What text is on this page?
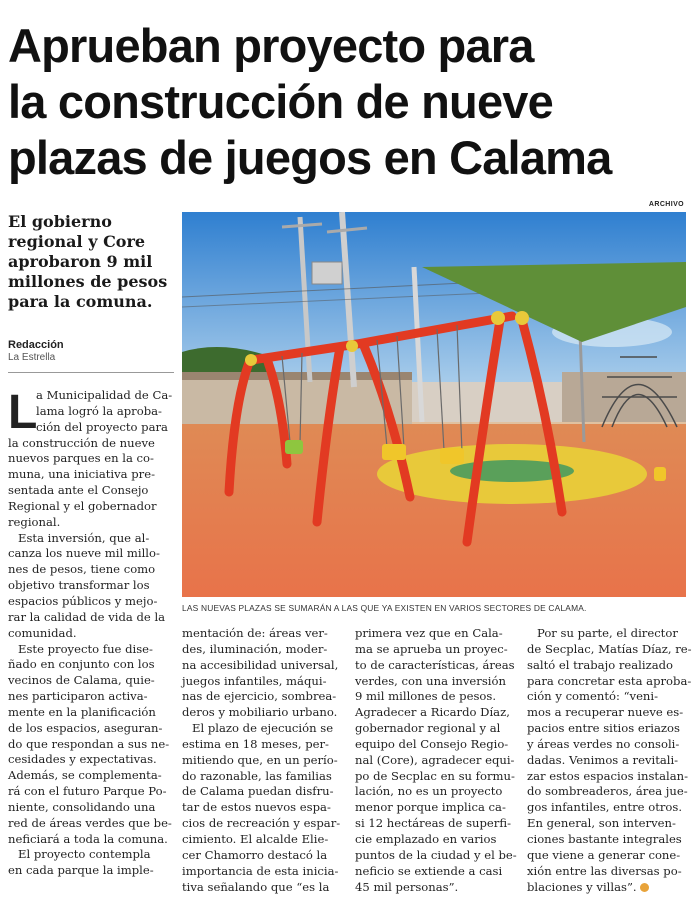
Aprueban proyecto para
la construcción de nueve
plazas de juegos en Calama
ARCHIVO
El gobierno
regional y Core
aprobaron 9 mil
millones de pesos
para la comuna.
Redacción
La Estrella
LAS NUEVAS PLAZAS SE SUMARÁN A LAS QUE YA EXISTEN EN VARIOS SECTORES DE CALAMA.
L
a Municipalidad de Ca-
lama logró la aproba-
ción del proyecto para
la construcción de nueve
nuevos parques en la co-
muna, una iniciativa pre-
sentada ante el Consejo
Regional y el gobernador
regional.
Esta inversión, que al-
canza los nueve mil millo-
nes de pesos, tiene como
objetivo transformar los
espacios públicos y mejo-
rar la calidad de vida de la
comunidad.
Este proyecto fue dise-
ñado en conjunto con los
vecinos de Calama, quie-
nes participaron activa-
mente en la planificación
de los espacios, aseguran-
do que respondan a sus ne-
cesidades y expectativas.
Además, se complementa-
rá con el futuro Parque Po-
niente, consolidando una
red de áreas verdes que be-
neficiará a toda la comuna.
El proyecto contempla
en cada parque la imple-
mentación de: áreas ver-
des, iluminación, moder-
na accesibilidad universal,
juegos infantiles, máqui-
nas de ejercicio, sombrea-
deros y mobiliario urbano.
El plazo de ejecución se
estima en 18 meses, per-
mitiendo que, en un perío-
do razonable, las familias
de Calama puedan disfru-
tar de estos nuevos espa-
cios de recreación y espar-
cimiento. El alcalde Elie-
cer Chamorro destacó la
importancia de esta inicia-
tiva señalando que “es la
primera vez que en Cala-
ma se aprueba un proyec-
to de características, áreas
verdes, con una inversión
9 mil millones de pesos.
Agradecer a Ricardo Díaz,
gobernador regional y al
equipo del Consejo Regio-
nal (Core), agradecer equi-
po de Secplac en su formu-
lación, no es un proyecto
menor porque implica ca-
si 12 hectáreas de superfi-
cie emplazado en varios
puntos de la ciudad y el be-
neficio se extiende a casi
45 mil personas”.
Por su parte, el director
de Secplac, Matías Díaz, re-
saltó el trabajo realizado
para concretar esta aproba-
ción y comentó: “veni-
mos a recuperar nueve es-
pacios entre sitios eriazos
y áreas verdes no consoli-
dadas. Venimos a revitali-
zar estos espacios instalan-
do sombreaderos, área jue-
gos infantiles, entre otros.
En general, son interven-
ciones bastante integrales
que viene a generar cone-
xión entre las diversas po-
blaciones y villas”.
